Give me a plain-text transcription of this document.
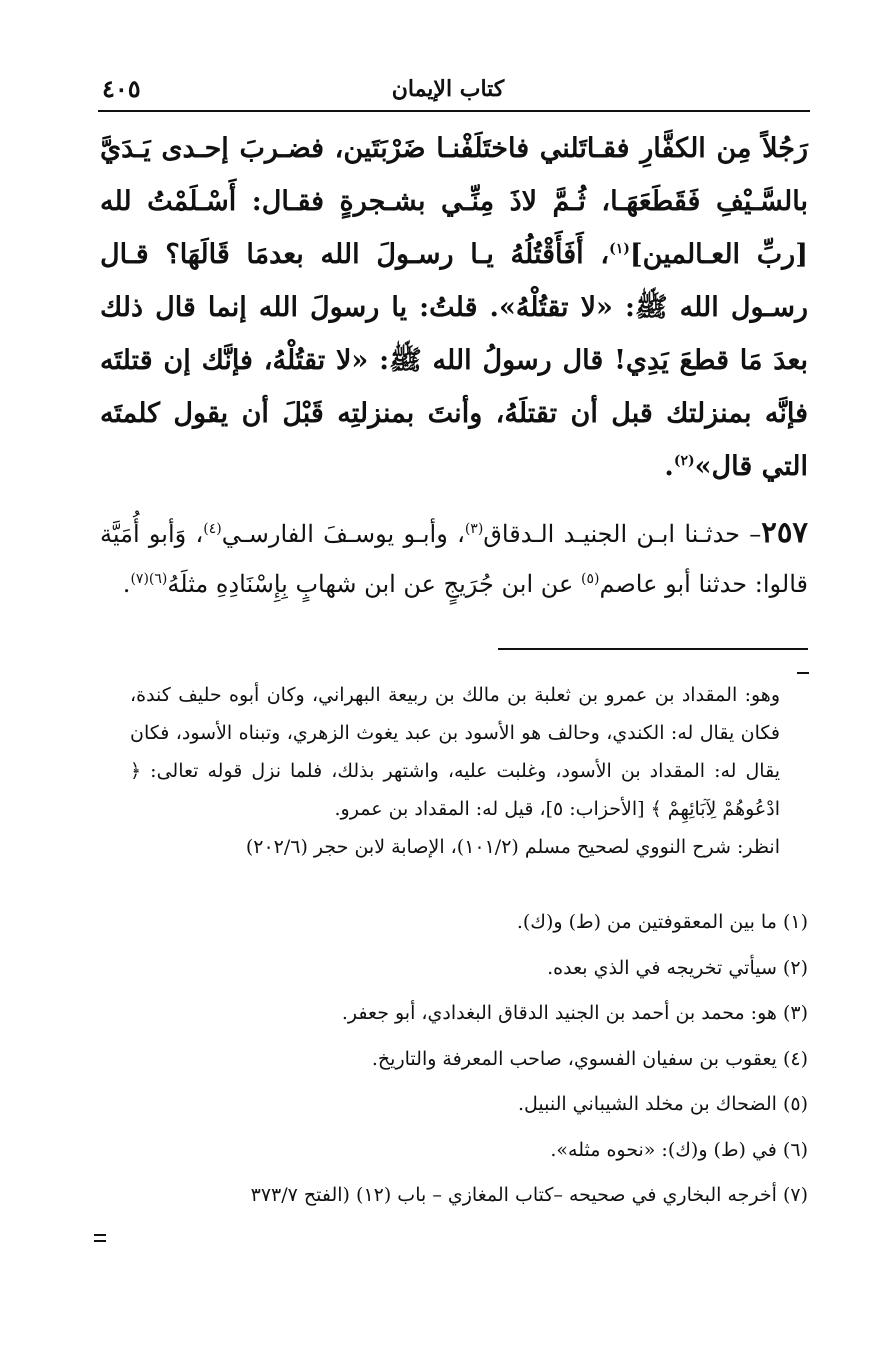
كتاب الإيمان
٤٠٥

رَجُلاً مِن الكفَّارِ فقـاتَلني فاختَلَفْنـا ضَرْبَتَين، فضـربَ إحـدى يَـدَيَّ بالسَّـيْفِ فَقَطَعَهَـا، ثُـمَّ لاذَ مِنِّـي بشـجرةٍ فقـال: أَسْـلَمْتُ لله [ربِّ العـالمين]$^{(١)}$، أَفَأَقْتُلُهُ يـا رسـولَ الله بعدمَا قَالَهَا؟ قـال رسـول الله ﷺ: «لا تقتُلْهُ». قلتُ: يا رسولَ الله إنما قال ذلك بعدَ مَا قطعَ يَدِي! قال رسولُ الله ﷺ: «لا تقتُلْهُ، فإنَّك إن قتلتَه فإنَّه بمنزلتك قبل أن تقتلَهُ، وأنتَ بمنزلتِه قَبْلَ أن يقول كلمتَه التي قال»$^{(٢)}$.

٢٥٧– حدثـنا ابـن الجنيـد الـدقاق$^{(٣)}$، وأبـو يوسـفَ الفارسـي$^{(٤)}$، وَأبو أُمَيَّة قالوا: حدثنا أبو عاصم$^{(٥)}$ عن ابن جُرَيجٍ عن ابن شهابٍ بِإِسْنَادِهِ مثلَهُ$^{(٦)(٧)}$.

وهو: المقداد بن عمرو بن ثعلبة بن مالك بن ربيعة البهراني، وكان أبوه حليف كندة، فكان يقال له: الكندي، وحالف هو الأسود بن عبد يغوث الزهري، وتبناه الأسود، فكان يقال له: المقداد بن الأسود، وغلبت عليه، واشتهر بذلك، فلما نزل قوله تعالى: ﴿ ادْعُوهُمْ لِآبَائِهِمْ ﴾ [الأحزاب: ٥]، قيل له: المقداد بن عمرو.
انظر: شرح النووي لصحيح مسلم (١٠١/٢)، الإصابة لابن حجر (٢٠٢/٦)

(١) ما بين المعقوفتين من (ط) و(ك).

(٢) سيأتي تخريجه في الذي بعده.

(٣) هو: محمد بن أحمد بن الجنيد الدقاق البغدادي، أبو جعفر.

(٤) يعقوب بن سفيان الفسوي، صاحب المعرفة والتاريخ.

(٥) الضحاك بن مخلد الشيباني النبيل.

(٦) في (ط) و(ك): «نحوه مثله».

(٧) أخرجه البخاري في صحيحه –كتاب المغازي – باب (١٢) (الفتح ٣٧٣/٧
